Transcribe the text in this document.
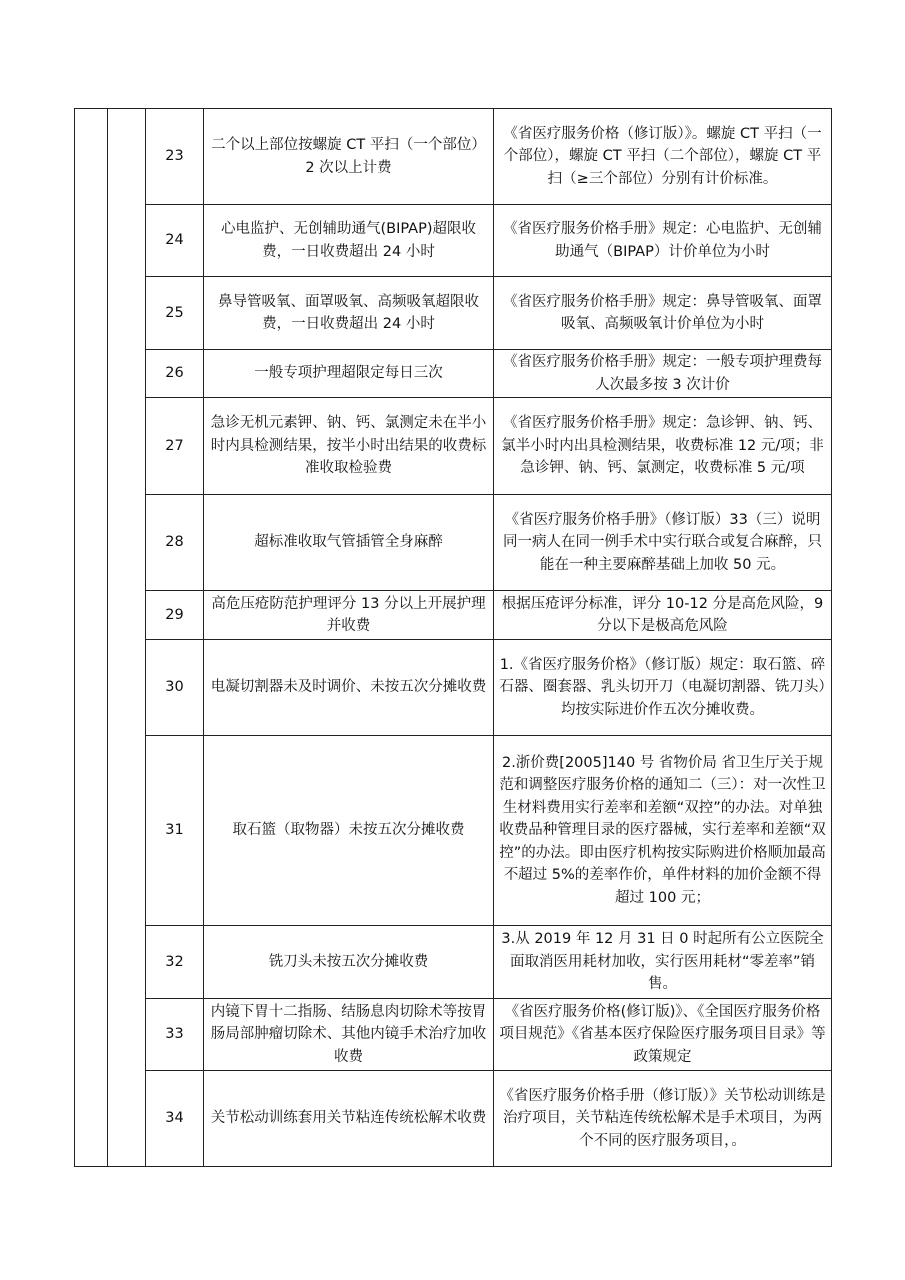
		23	二个以上部位按螺旋 CT 平扫（一个部位）2 次以上计费	《省医疗服务价格（修订版）》。螺旋 CT 平扫（一个部位），螺旋 CT 平扫（二个部位），螺旋 CT 平扫（≥三个部位）分别有计价标准。
		24	心电监护、无创辅助通气(BIPAP)超限收费，一日收费超出 24 小时	《省医疗服务价格手册》规定：心电监护、无创辅助通气（BIPAP）计价单位为小时
		25	鼻导管吸氧、面罩吸氧、高频吸氧超限收费，一日收费超出 24 小时	《省医疗服务价格手册》规定：鼻导管吸氧、面罩吸氧、高频吸氧计价单位为小时
		26	一般专项护理超限定每日三次	《省医疗服务价格手册》规定：一般专项护理费每人次最多按 3 次计价
		27	急诊无机元素钾、钠、钙、氯测定未在半小时内具检测结果，按半小时出结果的收费标准收取检验费	《省医疗服务价格手册》规定：急诊钾、钠、钙、氯半小时内出具检测结果，收费标准 12 元/项；非急诊钾、钠、钙、氯测定，收费标准 5 元/项
		28	超标准收取气管插管全身麻醉	《省医疗服务价格手册》（修订版）33（三）说明同一病人在同一例手术中实行联合或复合麻醉，只能在一种主要麻醉基础上加收 50 元。
		29	高危压疮防范护理评分 13 分以上开展护理并收费	根据压疮评分标准，评分 10-12 分是高危风险，9 分以下是极高危风险
		30	电凝切割器未及时调价、未按五次分摊收费	1.《省医疗服务价格》（修订版）规定：取石篮、碎石器、圈套器、乳头切开刀（电凝切割器、铣刀头）均按实际进价作五次分摊收费。
		31	取石篮（取物器）未按五次分摊收费	2.浙价费[2005]140 号 省物价局 省卫生厅关于规范和调整医疗服务价格的通知二（三）：对一次性卫生材料费用实行差率和差额“双控”的办法。对单独收费品种管理目录的医疗器械，实行差率和差额“双控”的办法。即由医疗机构按实际购进价格顺加最高不超过 5%的差率作价，单件材料的加价金额不得超过 100 元；
		32	铣刀头未按五次分摊收费	3.从 2019 年 12 月 31 日 0 时起所有公立医院全面取消医用耗材加收，实行医用耗材“零差率”销售。
		33	内镜下胃十二指肠、结肠息肉切除术等按胃肠局部肿瘤切除术、其他内镜手术治疗加收收费	《省医疗服务价格(修订版)》、《全国医疗服务价格项目规范》《省基本医疗保险医疗服务项目目录》等政策规定
		34	关节松动训练套用关节粘连传统松解术收费	《省医疗服务价格手册（修订版）》关节松动训练是治疗项目，关节粘连传统松解术是手术项目，为两个不同的医疗服务项目，。
